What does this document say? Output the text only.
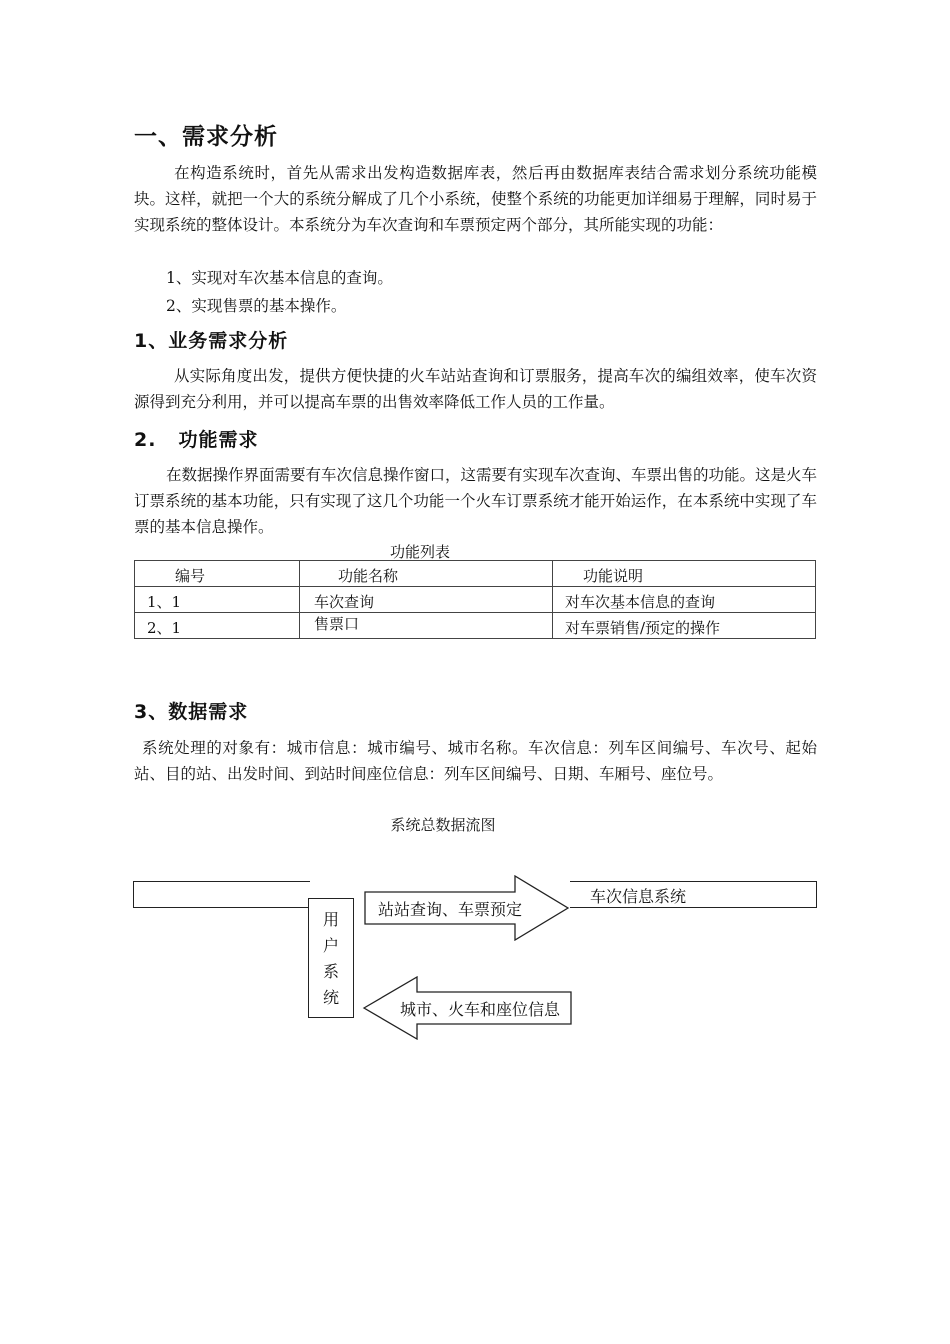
一、需求分析
在构造系统时，首先从需求出发构造数据库表，然后再由数据库表结合需求划分系统功能模块。这样，就把一个大的系统分解成了几个小系统，使整个系统的功能更加详细易于理解，同时易于实现系统的整体设计。本系统分为车次查询和车票预定两个部分，其所能实现的功能：
1、实现对车次基本信息的查询。
2、实现售票的基本操作。
1、业务需求分析
从实际角度出发，提供方便快捷的火车站站查询和订票服务，提高车次的编组效率，使车次资源得到充分利用，并可以提高车票的出售效率降低工作人员的工作量。
2. 功能需求
在数据操作界面需要有车次信息操作窗口，这需要有实现车次查询、车票出售的功能。这是火车订票系统的基本功能，只有实现了这几个功能一个火车订票系统才能开始运作，在本系统中实现了车票的基本信息操作。
功能列表
编号	功能名称	功能说明
1、1	车次查询	对车次基本信息的查询
2、1	售票口	对车票销售/预定的操作
3、数据需求
系统处理的对象有：城市信息：城市编号、城市名称。车次信息：列车区间编号、车次号、起始站、目的站、出发时间、到站时间座位信息：列车区间编号、日期、车厢号、座位号。
系统总数据流图
车次信息系统
用
户
系
统
站站查询、车票预定
城市、火车和座位信息
